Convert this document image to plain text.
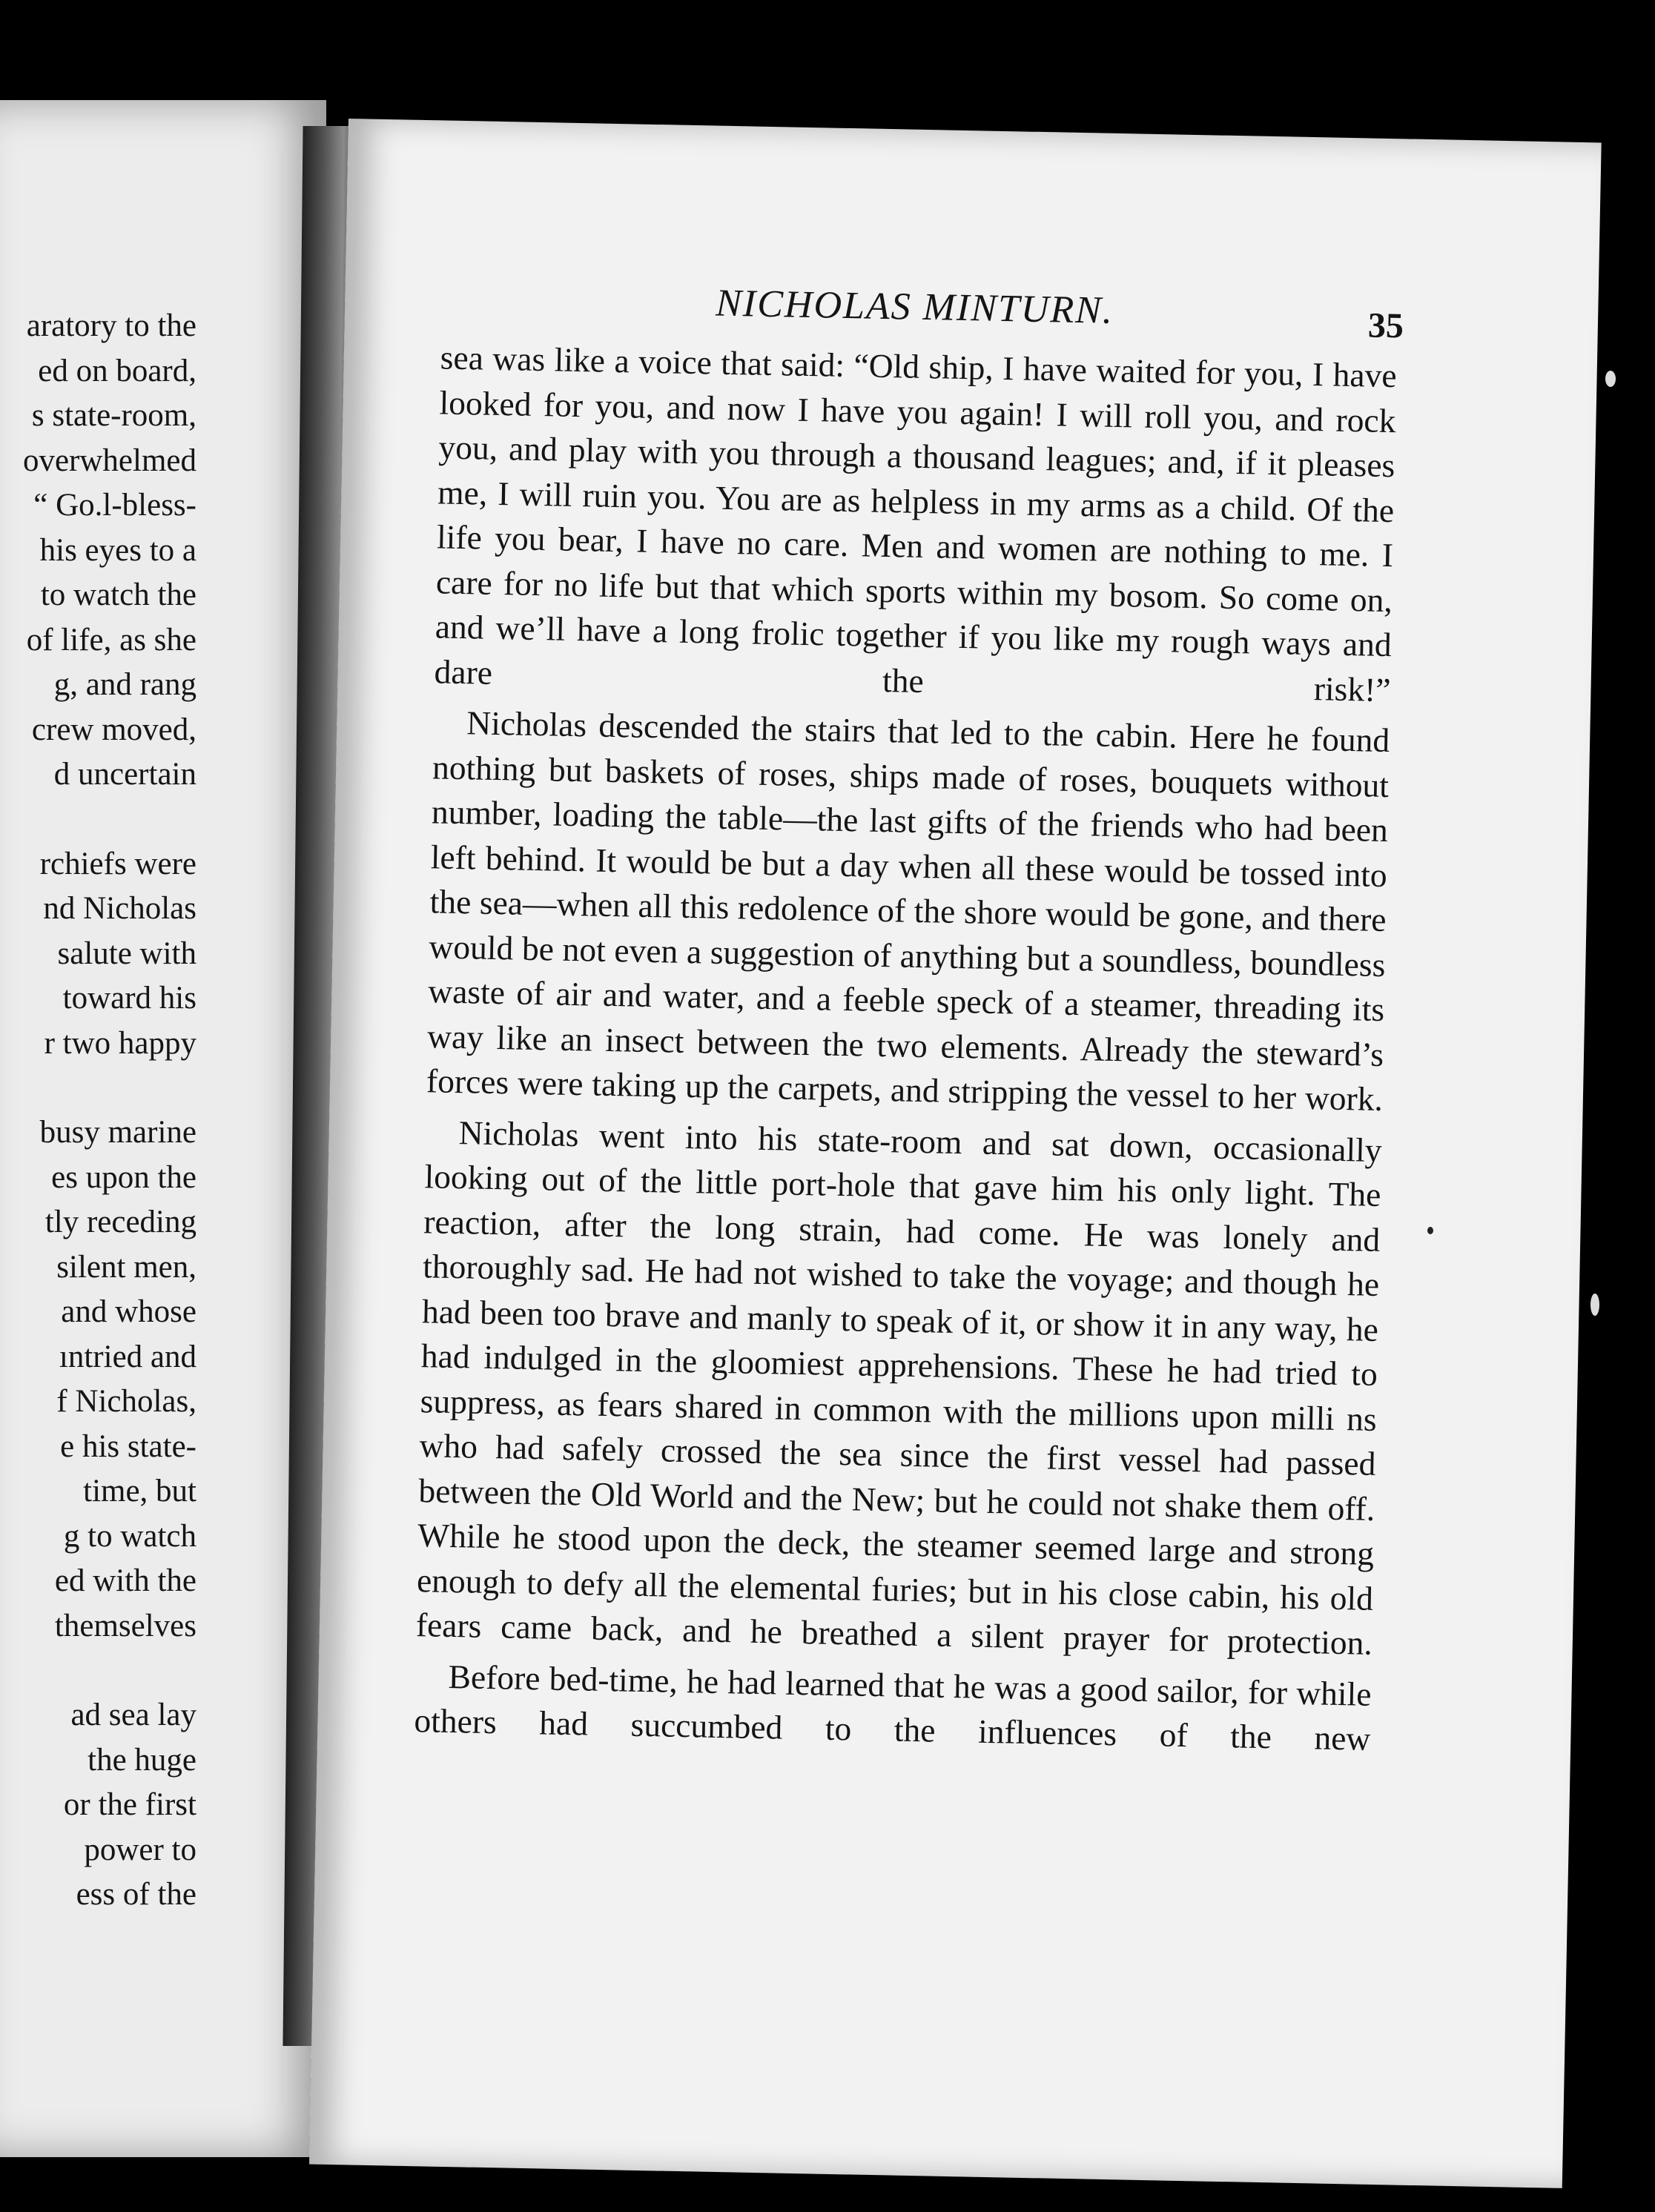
aratory to the
ed on board,
s state-room,
overwhelmed
“ Go.l-bless-
his eyes to a
to watch the
of life, as she
g, and rang
crew moved,
d uncertain
rchiefs were
nd Nicholas
salute with
toward his
r two happy
busy marine
es upon the
tly receding
silent men,
and whose
ıntried and
f Nicholas,
e his state-
time, but
g to watch
ed with the
themselves
ad sea lay
the huge
or the first
power to
ess of the
NICHOLAS MINTURN.	35

sea was like a voice that said: “Old ship, I have waited for you, I have looked for you, and now I have you again! I will roll you, and rock you, and play with you through a thousand leagues; and, if it pleases me, I will ruin you. You are as helpless in my arms as a child. Of the life you bear, I have no care. Men and women are nothing to me. I care for no life but that which sports within my bosom. So come on, and we’ll have a long frolic together if you like my rough ways and dare the risk!”

Nicholas descended the stairs that led to the cabin. Here he found nothing but baskets of roses, ships made of roses, bouquets without number, loading the table—the last gifts of the friends who had been left behind. It would be but a day when all these would be tossed into the sea—when all this redolence of the shore would be gone, and there would be not even a suggestion of anything but a soundless, boundless waste of air and water, and a feeble speck of a steamer, threading its way like an insect between the two elements. Already the steward’s forces were taking up the carpets, and stripping the vessel to her work.

Nicholas went into his state-room and sat down, occasionally looking out of the little port-hole that gave him his only light. The reaction, after the long strain, had come. He was lonely and thoroughly sad. He had not wished to take the voyage; and though he had been too brave and manly to speak of it, or show it in any way, he had indulged in the gloomiest apprehensions. These he had tried to suppress, as fears shared in common with the millions upon milli ns who had safely crossed the sea since the first vessel had passed between the Old World and the New; but he could not shake them off. While he stood upon the deck, the steamer seemed large and strong enough to defy all the elemental furies; but in his close cabin, his old fears came back, and he breathed a silent prayer for protection.

Before bed-time, he had learned that he was a good sailor, for while others had succumbed to the influences of the new
